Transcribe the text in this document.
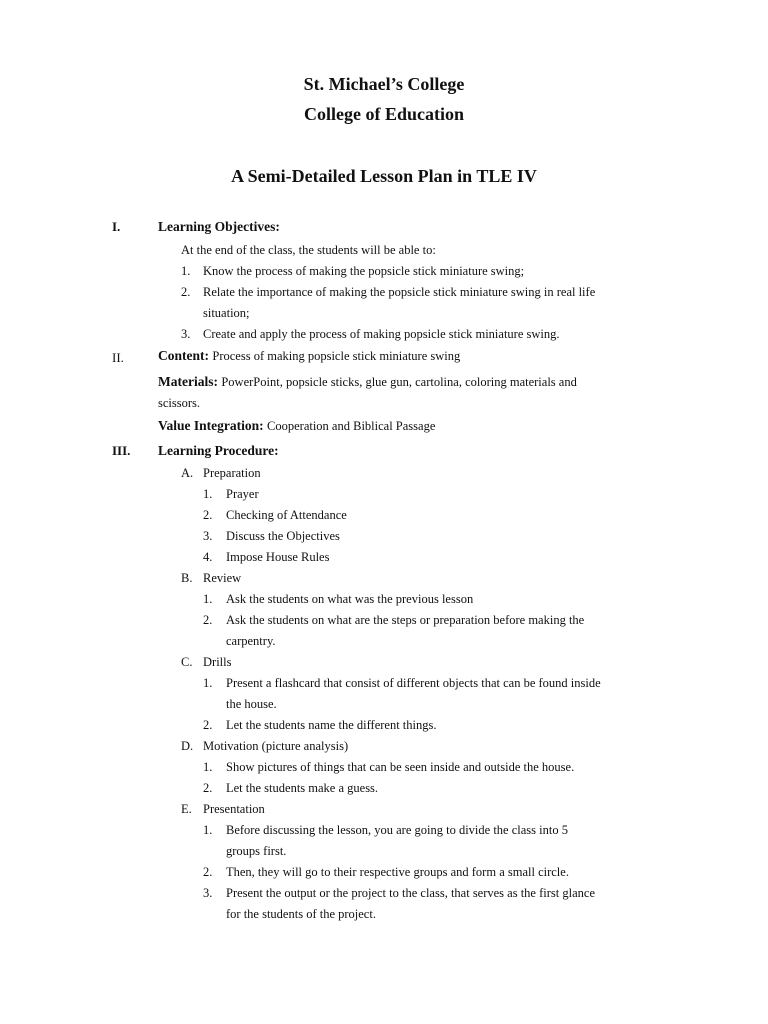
St. Michael’s College
College of Education
A Semi-Detailed Lesson Plan in TLE IV
I.	Learning Objectives:
At the end of the class, the students will be able to:
1. Know the process of making the popsicle stick miniature swing;
2. Relate the importance of making the popsicle stick miniature swing in real life
situation;
3. Create and apply the process of making popsicle stick miniature swing.
II.	Content: Process of making popsicle stick miniature swing
Materials: PowerPoint, popsicle sticks, glue gun, cartolina, coloring materials and
scissors.
Value Integration: Cooperation and Biblical Passage
III. Learning Procedure:
A. Preparation
1. Prayer
2. Checking of Attendance
3. Discuss the Objectives
4. Impose House Rules
B. Review
1. Ask the students on what was the previous lesson
2. Ask the students on what are the steps or preparation before making the
carpentry.
C. Drills
1. Present a flashcard that consist of different objects that can be found inside
the house.
2. Let the students name the different things.
D. Motivation (picture analysis)
1. Show pictures of things that can be seen inside and outside the house.
2. Let the students make a guess.
E. Presentation
1. Before discussing the lesson, you are going to divide the class into 5
groups first.
2. Then, they will go to their respective groups and form a small circle.
3. Present the output or the project to the class, that serves as the first glance
for the students of the project.
